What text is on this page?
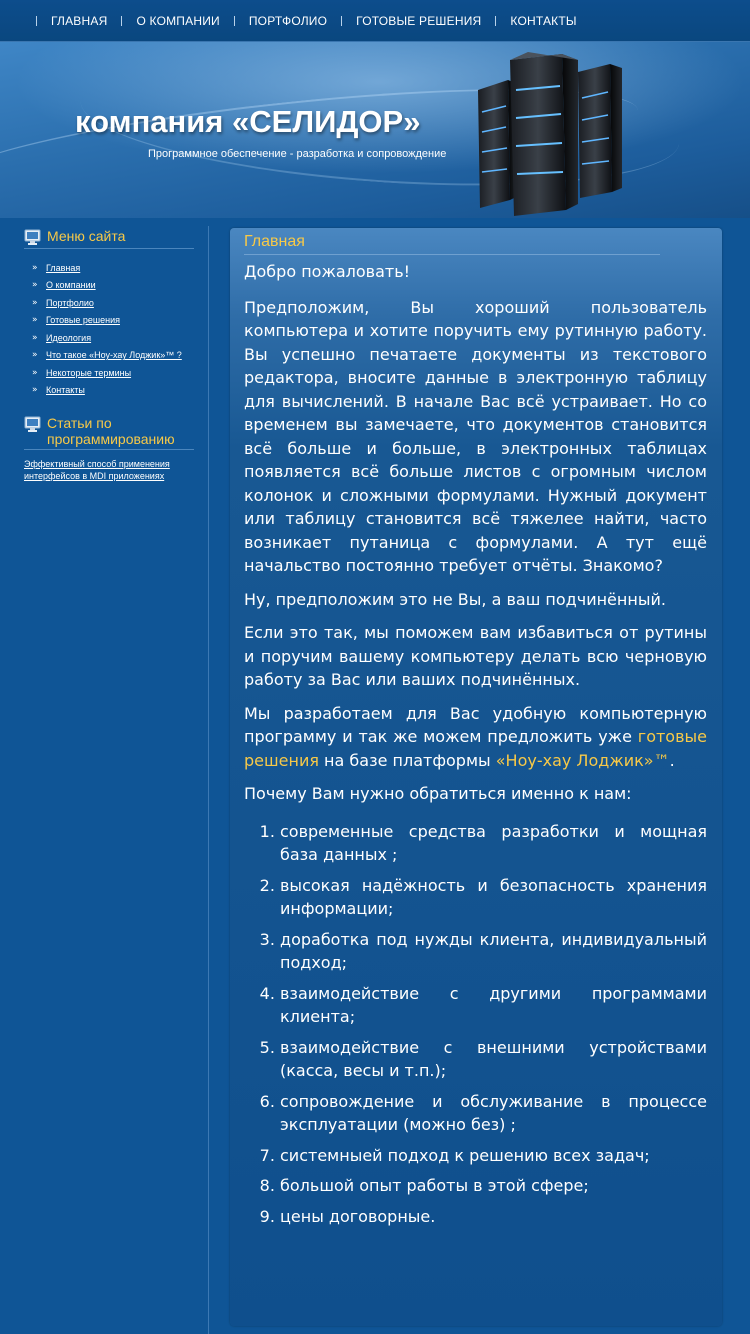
ГЛАВНАЯ О КОМПАНИИ ПОРТФОЛИО ГОТОВЫЕ РЕШЕНИЯ КОНТАКТЫ
компания «СЕЛИДОР»
Программное обеспечение - разработка и сопровождение
Меню сайта
» Главная
» О компании
» Портфолио
» Готовые решения
» Идеология
» Что такое «Ноу-хау Лоджик»™ ?
» Некоторые термины
» Контакты
Статьи по программированию
Эффективный способ применения интерфейсов в MDI приложениях
Главная

Добро пожаловать!

Предположим, Вы хороший пользователь компьютера и хотите поручить ему рутинную работу. Вы успешно печатаете документы из текстового редактора, вносите данные в электронную таблицу для вычислений. В начале Вас всё устраивает. Но со временем вы замечаете, что документов становится всё больше и больше, в электронных таблицах появляется всё больше листов с огромным числом колонок и сложными формулами. Нужный документ или таблицу становится всё тяжелее найти, часто возникает путаница с формулами. А тут ещё начальство постоянно требует отчёты. Знакомо?

Ну, предположим это не Вы, а ваш подчинённый.

Если это так, мы поможем вам избавиться от рутины и поручим вашему компьютеру делать всю черновую работу за Вас или ваших подчинённых.

Мы разработаем для Вас удобную компьютерную программу и так же можем предложить уже готовые решения на базе платформы «Ноу-хау Лоджик»™.

Почему Вам нужно обратиться именно к нам:

1. современные средства разработки и мощная база данных ;
2. высокая надёжность и безопасность хранения информации;
3. доработка под нужды клиента, индивидуальный подход;
4. взаимодействие с другими программами клиента;
5. взаимодействие с внешними устройствами (касса, весы и т.п.);
6. сопровождение и обслуживание в процессе эксплуатации (можно без) ;
7. системныей подход к решению всех задач;
8. большой опыт работы в этой сфере;
9. цены договорные.
